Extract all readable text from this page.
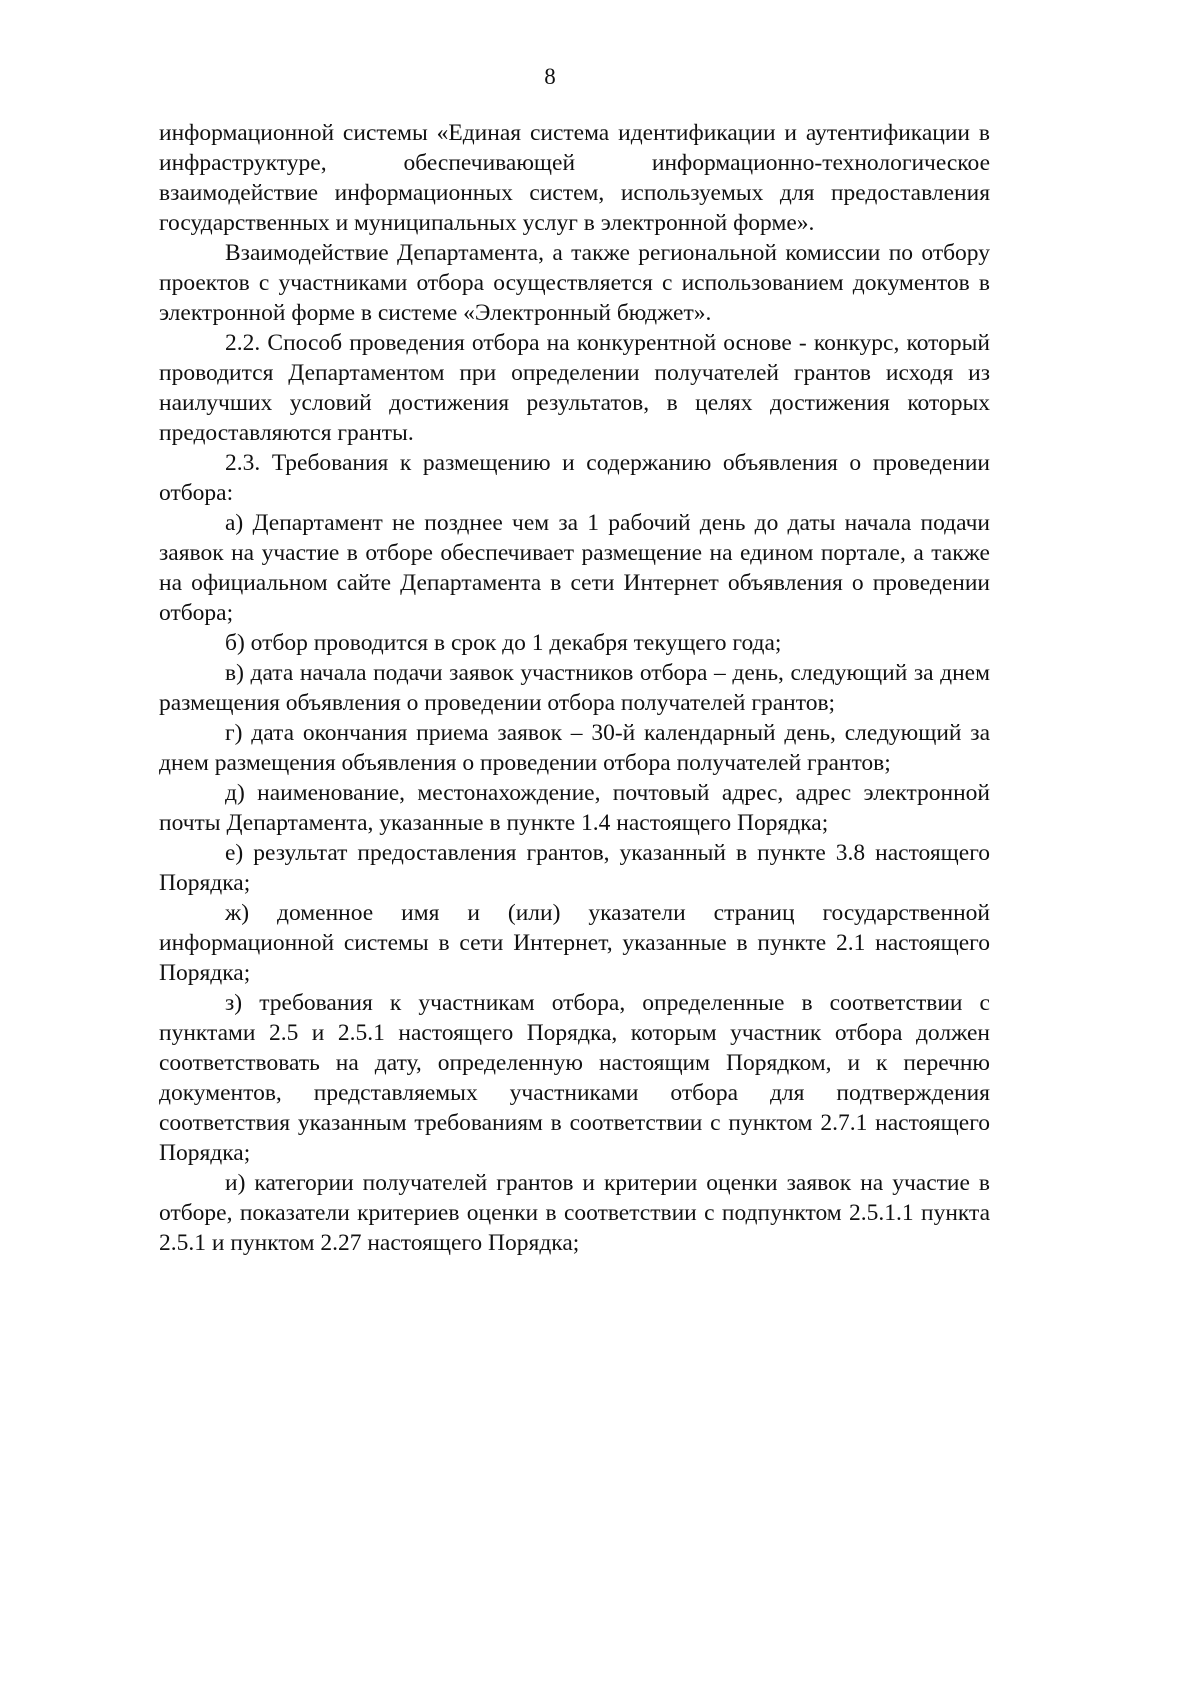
8

информационной системы «Единая система идентификации и аутентификации в инфраструктуре, обеспечивающей информационно-технологическое взаимодействие информационных систем, используемых для предоставления государственных и муниципальных услуг в электронной форме».

Взаимодействие Департамента, а также региональной комиссии по отбору проектов с участниками отбора осуществляется с использованием документов в электронной форме в системе «Электронный бюджет».

2.2. Способ проведения отбора на конкурентной основе - конкурс, который проводится Департаментом при определении получателей грантов исходя из наилучших условий достижения результатов, в целях достижения которых предоставляются гранты.

2.3. Требования к размещению и содержанию объявления о проведении отбора:

а) Департамент не позднее чем за 1 рабочий день до даты начала подачи заявок на участие в отборе обеспечивает размещение на едином портале, а также на официальном сайте Департамента в сети Интернет объявления о проведении отбора;

б) отбор проводится в срок до 1 декабря текущего года;

в) дата начала подачи заявок участников отбора – день, следующий за днем размещения объявления о проведении отбора получателей грантов;

г) дата окончания приема заявок – 30-й календарный день, следующий за днем размещения объявления о проведении отбора получателей грантов;

д) наименование, местонахождение, почтовый адрес, адрес электронной почты Департамента, указанные в пункте 1.4 настоящего Порядка;

е) результат предоставления грантов, указанный в пункте 3.8 настоящего Порядка;

ж) доменное имя и (или) указатели страниц государственной информационной системы в сети Интернет, указанные в пункте 2.1 настоящего Порядка;

з) требования к участникам отбора, определенные в соответствии с пунктами 2.5 и 2.5.1 настоящего Порядка, которым участник отбора должен соответствовать на дату, определенную настоящим Порядком, и к перечню документов, представляемых участниками отбора для подтверждения соответствия указанным требованиям в соответствии с пунктом 2.7.1 настоящего Порядка;

и) категории получателей грантов и критерии оценки заявок на участие в отборе, показатели критериев оценки в соответствии с подпунктом 2.5.1.1 пункта 2.5.1 и пунктом 2.27 настоящего Порядка;
